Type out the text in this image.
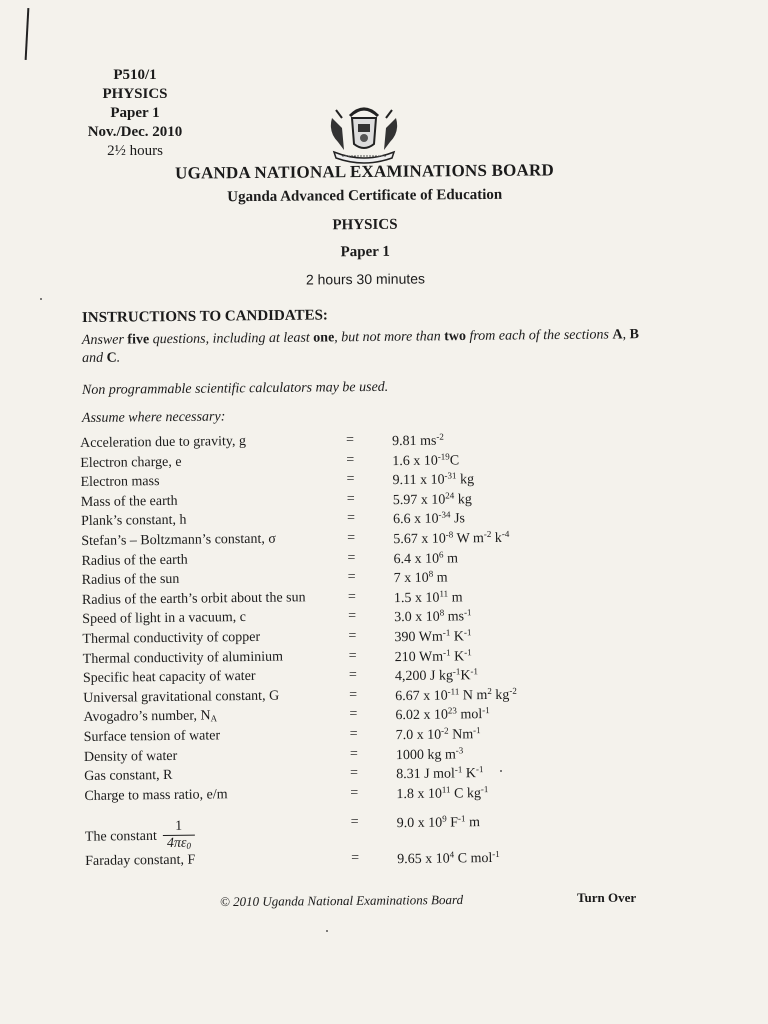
P510/1
PHYSICS
Paper 1
Nov./Dec. 2010
2½ hours
UGANDA NATIONAL EXAMINATIONS BOARD
Uganda Advanced Certificate of Education
PHYSICS
Paper 1
2 hours 30 minutes
INSTRUCTIONS TO CANDIDATES:
Answer five questions, including at least one, but not more than two from each of the sections A, B and C.
Non programmable scientific calculators may be used.
Assume where necessary:
Acceleration due to gravity, g	=	9.81 $ms^{-2}$
Electron charge, e	=	1.6 x $10^{-19}C$
Electron mass	=	9.11 x $10^{-31}$ kg
Mass of the earth	=	5.97 x $10^{24}$ kg
Plank’s constant, h	=	6.6 x $10^{-34}$ Js
Stefan’s – Boltzmann’s constant, σ	=	5.67 x $10^{-8}$ W $m^{-2}$ $k^{-4}$
Radius of the earth	=	6.4 x $10^6$ m
Radius of the sun	=	7 x $10^8$ m
Radius of the earth’s orbit about the sun	=	1.5 x $10^{11}$ m
Speed of light in a vacuum, c	=	3.0 x $10^8$ $ms^{-1}$
Thermal conductivity of copper	=	390 $Wm^{-1}$ $K^{-1}$
Thermal conductivity of aluminium	=	210 $Wm^{-1}$ $K^{-1}$
Specific heat capacity of water	=	4,200 J $kg^{-1}K^{-1}$
Universal gravitational constant, G	=	6.67 x $10^{-11}$ N $m^2$ $kg^{-2}$
Avogadro’s number, $N_A$	=	6.02 x $10^{23}$ mol$^{-1}$
Surface tension of water	=	7.0 x $10^{-2}$ $Nm^{-1}$
Density of water	=	1000 kg $m^{-3}$
Gas constant, R	=	8.31 J mol$^{-1}$ $K^{-1}$
Charge to mass ratio, e/m	=	1.8 x $10^{11}$ C $kg^{-1}$
The constant $\frac{1}{4\pi\varepsilon_0}$	=	9.0 x $10^9$ $F^{-1}$ m
Faraday constant, F	=	9.65 x $10^4$ C mol$^{-1}$
© 2010 Uganda National Examinations Board	Turn Over
